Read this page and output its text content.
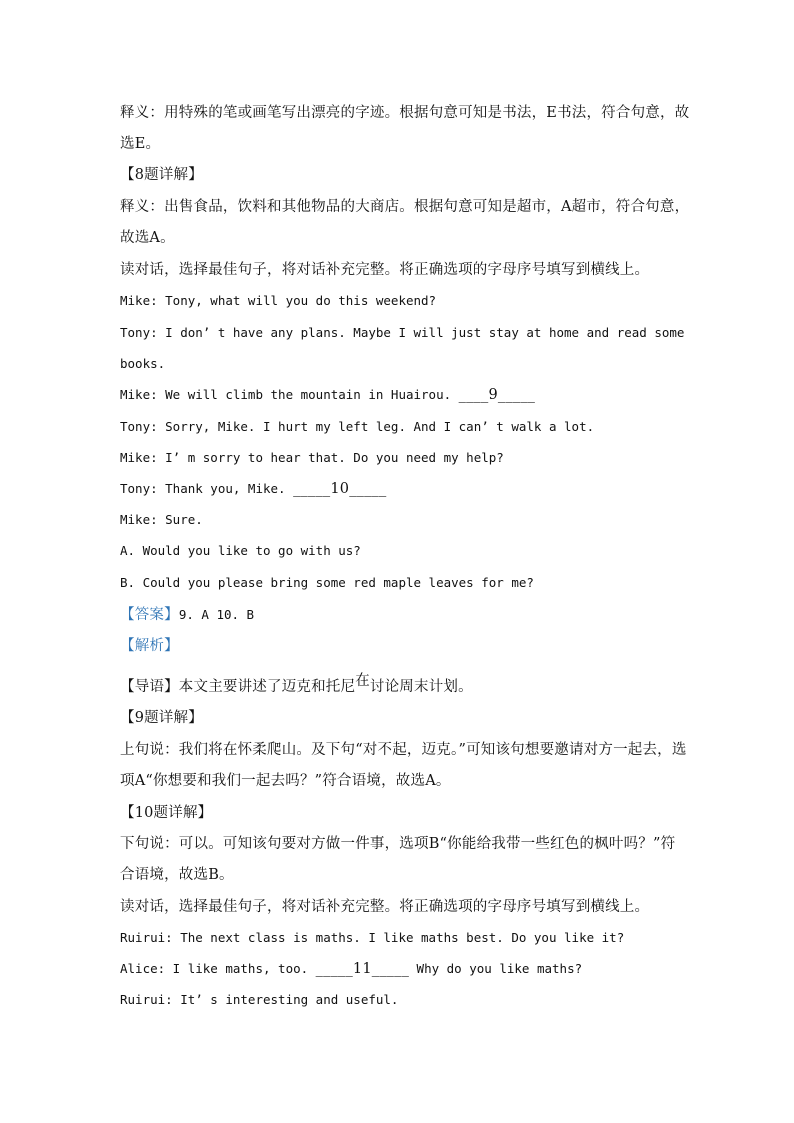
释义：用特殊的笔或画笔写出漂亮的字迹。根据句意可知是书法，E书法，符合句意，故
选E。
【8题详解】
释义：出售食品，饮料和其他物品的大商店。根据句意可知是超市，A超市，符合句意，
故选A。
读对话，选择最佳句子，将对话补充完整。将正确选项的字母序号填写到横线上。
Mike: Tony, what will you do this weekend?
Tony: I don’ t have any plans. Maybe I will just stay at home and read some
books.
Mike: We will climb the mountain in Huairou. ____9_____
Tony: Sorry, Mike. I hurt my left leg. And I can’ t walk a lot.
Mike: I’ m sorry to hear that. Do you need my help?
Tony: Thank you, Mike. _____10_____
Mike: Sure.
A. Would you like to go with us?
B. Could you please bring some red maple leaves for me?
【答案】9. A 10. B
【解析】
【导语】本文主要讲述了迈克和托尼在讨论周末计划。
【9题详解】
上句说：我们将在怀柔爬山。及下句“对不起，迈克。”可知该句想要邀请对方一起去，选
项A“你想要和我们一起去吗？”符合语境，故选A。
【10题详解】
下句说：可以。可知该句要对方做一件事，选项B“你能给我带一些红色的枫叶吗？”符
合语境，故选B。
读对话，选择最佳句子，将对话补充完整。将正确选项的字母序号填写到横线上。
Ruirui: The next class is maths. I like maths best. Do you like it?
Alice: I like maths, too. _____11_____ Why do you like maths?
Ruirui: It’ s interesting and useful.
